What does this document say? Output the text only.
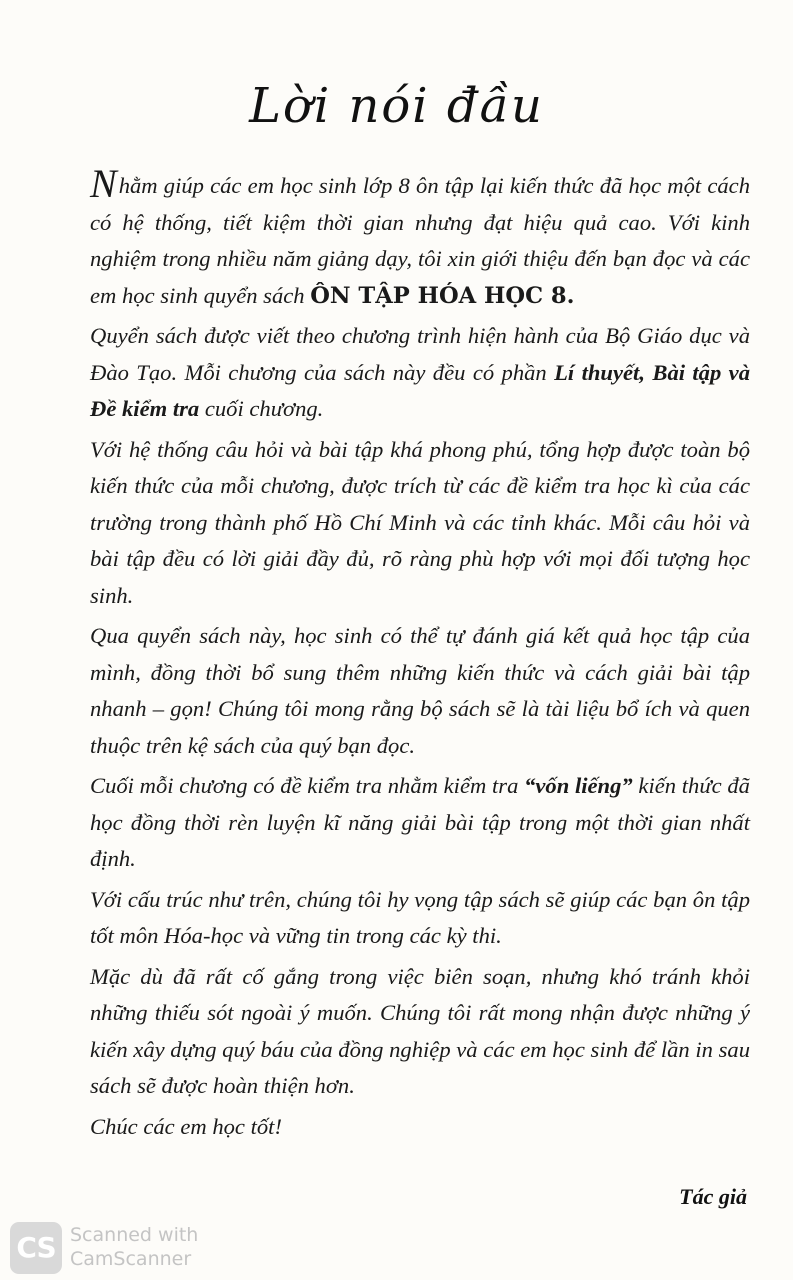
Lời nói đầu

Nhằm giúp các em học sinh lớp 8 ôn tập lại kiến thức đã học một cách có hệ thống, tiết kiệm thời gian nhưng đạt hiệu quả cao. Với kinh nghiệm trong nhiều năm giảng dạy, tôi xin giới thiệu đến bạn đọc và các em học sinh quyển sách ÔN TẬP HÓA HỌC 8.

Quyển sách được viết theo chương trình hiện hành của Bộ Giáo dục và Đào Tạo. Mỗi chương của sách này đều có phần Lí thuyết, Bài tập và Đề kiểm tra cuối chương.

Với hệ thống câu hỏi và bài tập khá phong phú, tổng hợp được toàn bộ kiến thức của mỗi chương, được trích từ các đề kiểm tra học kì của các trường trong thành phố Hồ Chí Minh và các tỉnh khác. Mỗi câu hỏi và bài tập đều có lời giải đầy đủ, rõ ràng phù hợp với mọi đối tượng học sinh.

Qua quyển sách này, học sinh có thể tự đánh giá kết quả học tập của mình, đồng thời bổ sung thêm những kiến thức và cách giải bài tập nhanh – gọn! Chúng tôi mong rằng bộ sách sẽ là tài liệu bổ ích và quen thuộc trên kệ sách của quý bạn đọc.

Cuối mỗi chương có đề kiểm tra nhằm kiểm tra “vốn liếng” kiến thức đã học đồng thời rèn luyện kĩ năng giải bài tập trong một thời gian nhất định.

Với cấu trúc như trên, chúng tôi hy vọng tập sách sẽ giúp các bạn ôn tập tốt môn Hóa-học và vững tin trong các kỳ thi.

Mặc dù đã rất cố gắng trong việc biên soạn, nhưng khó tránh khỏi những thiếu sót ngoài ý muốn. Chúng tôi rất mong nhận được những ý kiến xây dựng quý báu của đồng nghiệp và các em học sinh để lần in sau sách sẽ được hoàn thiện hơn.

Chúc các em học tốt!

Tác giả
CS Scanned with
CamScanner
